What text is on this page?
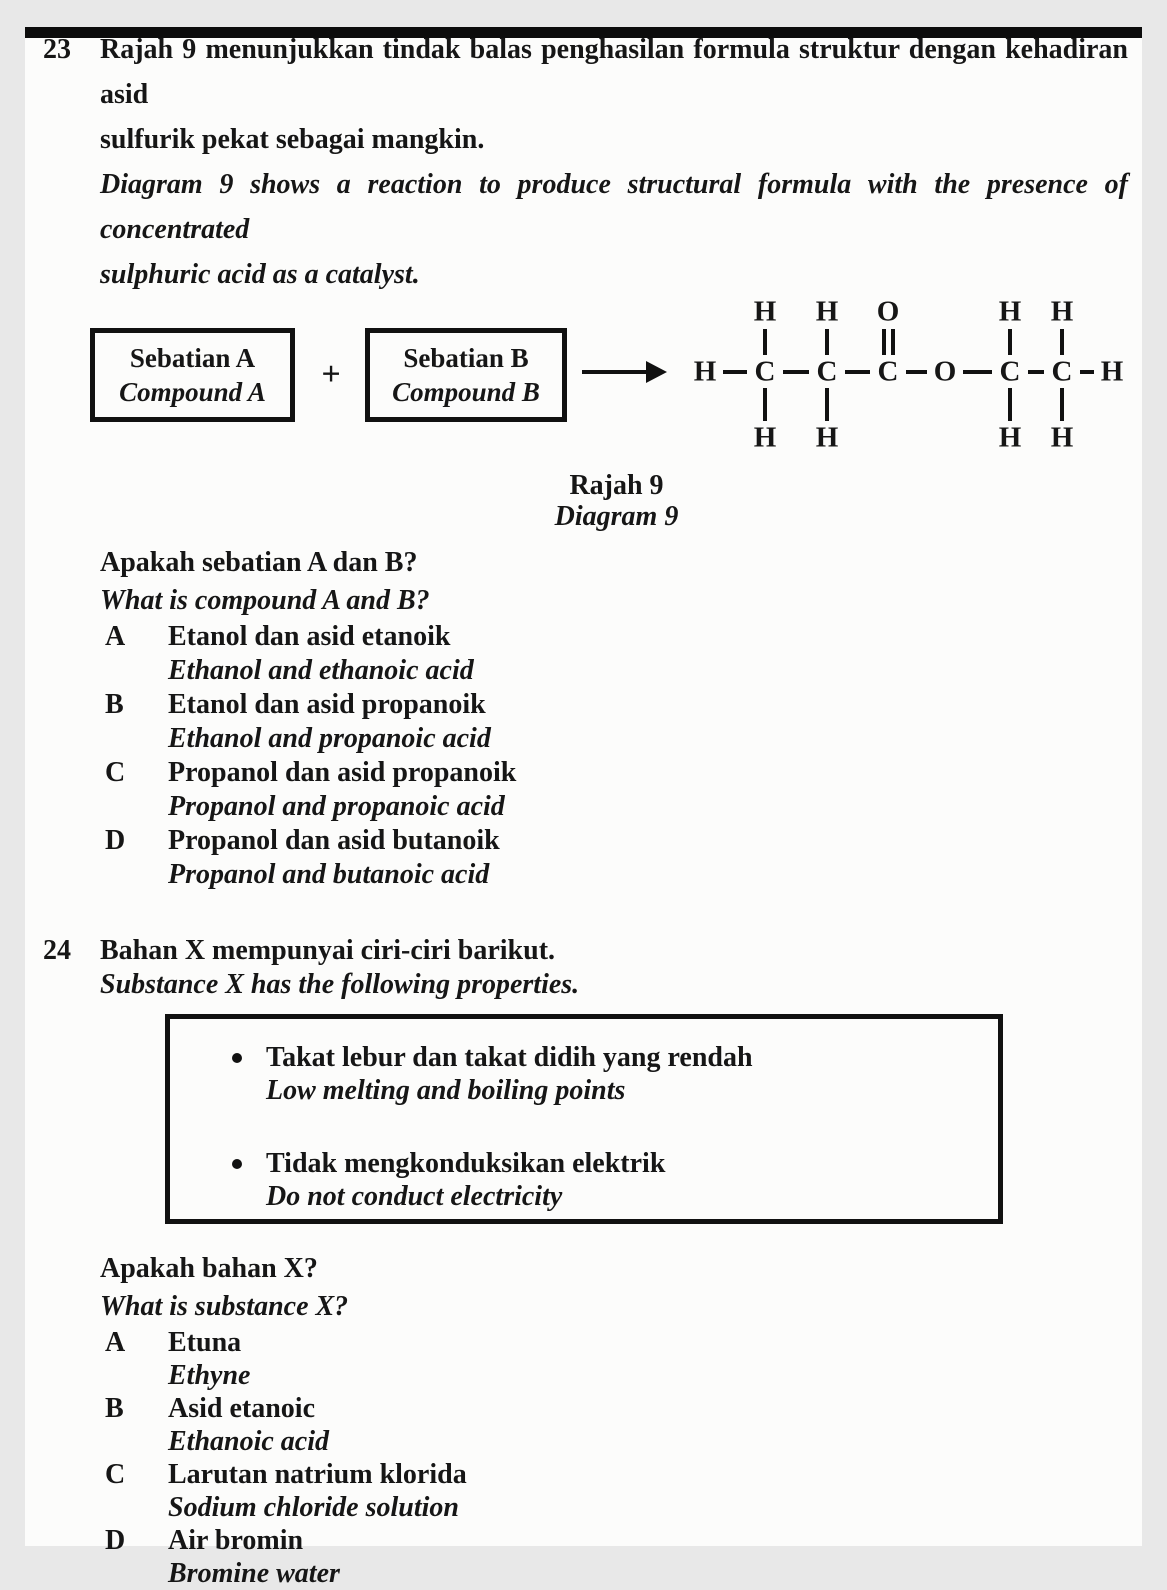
23	Rajah 9 menunjukkan tindak balas penghasilan formula struktur dengan kehadiran asid
sulfurik pekat sebagai mangkin.
Diagram 9 shows a reaction to produce structural formula with the presence of concentrated
sulphuric acid as a catalyst.
Sebatian A
Compound A + Sebatian B
Compound B
H C C C O C C H
H H O	H H
H H	H H
Rajah 9
Diagram 9
Apakah sebatian A dan B?
What is compound A and B?
A	Etanol dan asid etanoik
Ethanol and ethanoic acid
B	Etanol dan asid propanoik
Ethanol and propanoic acid
C	Propanol dan asid propanoik
Propanol and propanoic acid
D	Propanol dan asid butanoik
Propanol and butanoic acid
24	Bahan X mempunyai ciri-ciri barikut.
Substance X has the following properties.
Takat lebur dan takat didih yang rendah
Low melting and boiling points
Tidak mengkonduksikan elektrik
Do not conduct electricity
Apakah bahan X?
What is substance X?
A	Etuna
Ethyne
B	Asid etanoic
Ethanoic acid
C	Larutan natrium klorida
Sodium chloride solution
D	Air bromin
Bromine water
